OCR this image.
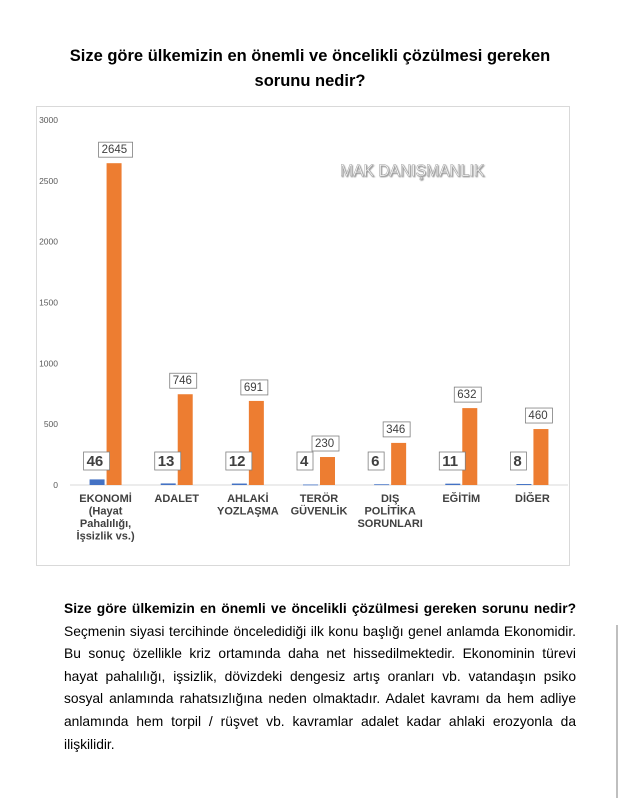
Size göre ülkemizin en önemli ve öncelikli çözülmesi gereken
sorunu nedir?
MAK DANIŞMANLIK
0
500
1000
1500
2000
2500
3000
46
2645
EKONOMİ
(Hayat
Pahalılığı,
İşsizlik vs.)
13
746
ADALET
12
691
AHLAKİ
YOZLAŞMA
4
230
TERÖR
GÜVENLİK
6
346
DIŞ
POLİTİKA
SORUNLARI
11
632
EĞİTİM
8
460
DİĞER
Size göre ülkemizin en önemli ve öncelikli çözülmesi gereken sorunu nedir? Seçmenin siyasi tercihinde önceledidiği ilk konu başlığı genel anlamda Ekonomidir. Bu sonuç özellikle kriz ortamında daha net hissedilmektedir. Ekonominin türevi hayat pahalılığı, işsizlik, dövizdeki dengesiz artış oranları vb. vatandaşın psiko sosyal anlamında rahatsızlığına neden olmaktadır. Adalet kavramı da hem adliye anlamında hem torpil / rüşvet vb. kavramlar adalet kadar ahlaki erozyonla da ilişkilidir.
